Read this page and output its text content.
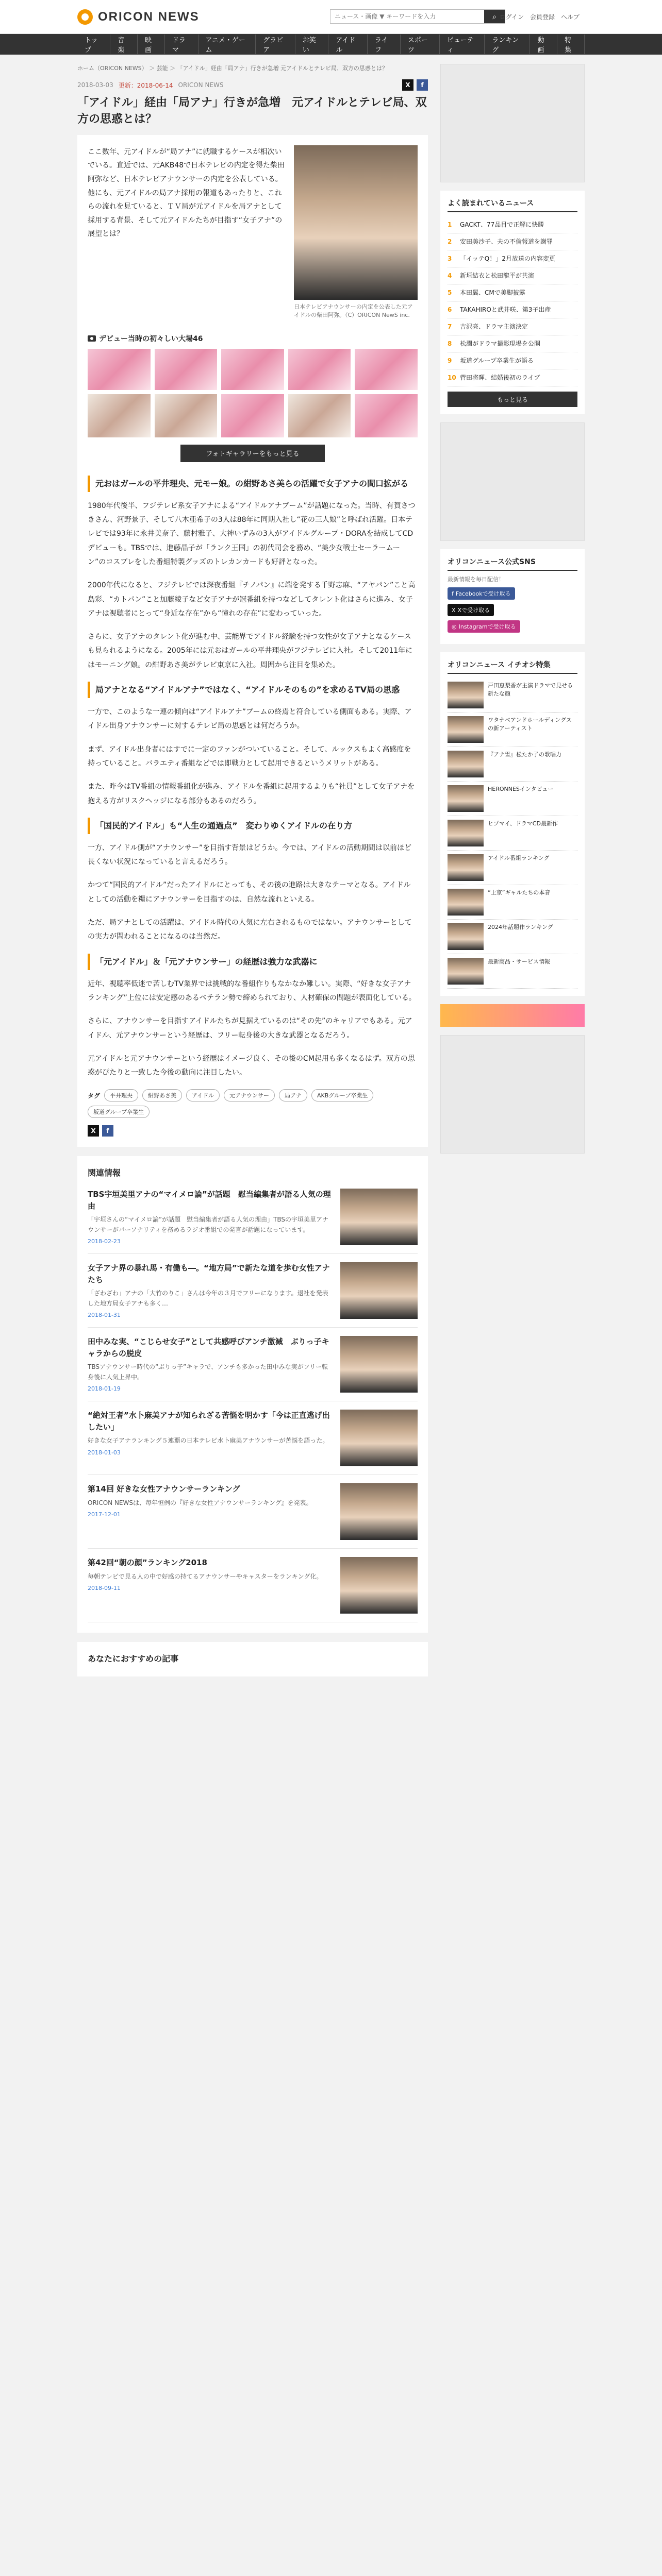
ORICON NEWS
ニュース・画像 ▼ キーワードを入力	⌕ ログイン 会員登録 ヘルプ
トップ
音楽
映画
ドラマ
アニメ・ゲーム
グラビア
お笑い
アイドル
ライフ
スポーツ
ビューティ
ランキング
動画
特集
ホーム（ORICON NEWS） ＞ 芸能 ＞ 「アイドル」経由「局アナ」行きが急増 元アイドルとテレビ局、双方の思惑とは？
2018-03-03 更新：2018-06-14 ORICON NEWS	X	f
「アイドル」経由「局アナ」行きが急増　元アイドルとテレビ局、双方の思惑とは？

ここ数年、元アイドルが“局アナ”に就職するケースが相次いでいる。直近では、元AKB48で日本テレビの内定を得た柴田阿弥など、日本テレビアナウンサーの内定を公表している。他にも、元アイドルの局アナ採用の報道もあったりと、これらの流れを見ていると、ＴＶ局が元アイドルを局アナとして採用する背景、そして元アイドルたちが目指す“女子アナ”の展望とは？

日本テレビアナウンサーの内定を公表した元アイドルの柴田阿弥。（C）ORICON NewS inc.
デビュー当時の初々しい大場46
フォトギャラリーをもっと見る
元おはガールの平井理央、元モー娘。の紺野あさ美らの活躍で女子アナの間口拡がる

1980年代後半、フジテレビ系女子アナによる“アイドルアナブーム”が話題になった。当時、有賀さつきさん、河野景子、そして八木亜希子の3人は88年に同期入社し“花の三人娘”と呼ばれ活躍。日本テレビでは93年に永井美奈子、藤村雅子、大神いずみの3人がアイドルグループ・DORAを結成してCDデビューも。TBSでは、進藤晶子が「ランク王国」の初代司会を務め、“美少女戦士セーラームーン”のコスプレをした番組特製グッズのトレカンカードも好評となった。

2000年代になると、フジテレビでは深夜番組『チノパン』に端を発する千野志麻、“アヤパン”こと高島彩、“カトパン”こと加藤綾子など女子アナが冠番組を持つなどしてタレント化はさらに進み、女子アナは視聴者にとって“身近な存在”から“憧れの存在”に変わっていった。

さらに、女子アナのタレント化が進む中、芸能界でアイドル経験を持つ女性が女子アナとなるケースも見られるようになる。2005年には元おはガールの平井理央がフジテレビに入社。そして2011年にはモーニング娘。の紺野あさ美がテレビ東京に入社。周囲から注目を集めた。

局アナとなる“アイドルアナ”ではなく、“アイドルそのもの”を求めるTV局の思惑

一方で、このような一連の傾向は“アイドルアナ”ブームの終焉と符合している側面もある。実際、アイドル出身アナウンサーに対するテレビ局の思惑とは何だろうか。

まず、アイドル出身者にはすでに一定のファンがついていること。そして、ルックスもよく高感度を持っていること。バラエティ番組などでは即戦力として起用できるというメリットがある。

また、昨今はTV番組の情報番組化が進み、アイドルを番組に起用するよりも“社員”として女子アナを抱える方がリスクヘッジになる部分もあるのだろう。

「国民的アイドル」も“人生の通過点”　変わりゆくアイドルの在り方

一方、アイドル側が“アナウンサー”を目指す背景はどうか。今では、アイドルの活動期間は以前ほど長くない状況になっていると言えるだろう。

かつて“国民的アイドル”だったアイドルにとっても、その後の進路は大きなテーマとなる。アイドルとしての活動を糧にアナウンサーを目指すのは、自然な流れといえる。

ただ、局アナとしての活躍は、アイドル時代の人気に左右されるものではない。アナウンサーとしての実力が問われることになるのは当然だ。

「元アイドル」＆「元アナウンサー」の経歴は強力な武器に

近年、視聴率低迷で苦しむTV業界では挑戦的な番組作りもなかなか難しい。実際、“好きな女子アナランキング”上位には安定感のあるベテラン勢で締められており、人材確保の問題が表面化している。

さらに、アナウンサーを目指すアイドルたちが見据えているのは“その先”のキャリアでもある。元アイドル、元アナウンサーという経歴は、フリー転身後の大きな武器となるだろう。

元アイドルと元アナウンサーという経歴はイメージ良く、その後のCM起用も多くなるはず。双方の思惑がぴたりと一致した今後の動向に注目したい。

タグ	平井理央	紺野あさ美	アイドル	元アナウンサー	局アナ	AKBグループ卒業生
坂道グループ卒業生
X	f
関連情報
TBS宇垣美里アナの“マイメロ論”が話題　慰当編集者が語る人気の理由

「宇垣さんの“マイメロ論”が話題　慰当編集者が語る人気の理由」TBSの宇垣美里アナウンサーがパーソナリティを務めるラジオ番組での発言が話題になっています。

2018-02-23
女子アナ界の暴れ馬・有働も―。“地方局”で新たな道を歩む女性アナたち

「ざわざわ」アナの「大竹のりこ」さんは今年の３月でフリーになります。退社を発表した地方局女子アナも多く…

2018-01-31
田中みな実、“こじらせ女子”として共感呼びアンチ激減　ぶりっ子キャラからの脱皮

TBSアナウンサー時代の“ぶりっ子”キャラで、アンチも多かった田中みな実がフリー転身後に人気上昇中。

2018-01-19
“絶対王者”水卜麻美アナが知られざる苦悩を明かす「今は正直逃げ出したい」

好きな女子アナランキング５連覇の日本テレビ水卜麻美アナウンサーが苦悩を語った。

2018-01-03
第14回 好きな女性アナウンサーランキング

ORICON NEWSは、毎年恒例の『好きな女性アナウンサーランキング』を発表。

2017-12-01
第42回“朝の顔”ランキング2018

毎朝テレビで見る人の中で好感の持てるアナウンサーやキャスターをランキング化。

2018-09-11
あなたにおすすめの記事
よく読まれているニュース
1	GACKT、77品目で正解に快勝
2	安田美沙子、夫の不倫報道を謝罪
3	「イッテQ！」2月放送の内容変更
4	新垣結衣と松田龍平が共演
5	本田翼、CMで美脚披露
6	TAKAHIROと武井咲、第3子出産
7	吉沢亮、ドラマ主演決定
8	松潤がドラマ撮影現場を公開
9	坂道グループ卒業生が語る
10 菅田将暉、結婚後初のライブ
もっと見る
オリコンニュース公式SNS
最新情報を毎日配信！
f Facebookで受け取る
X Xで受け取る
◎ Instagramで受け取る
オリコンニュース イチオシ特集
戸田恵梨香が主演ドラマで見せる新たな顔
ワタナベアンドホールディングスの新アーティスト
『アナ雪』松たか子の歌唱力
HERONNESインタビュー
ヒプマイ、ドラマCD最新作
アイドル番組ランキング
“上京”ギャルたちの本音
2024年話題作ランキング
最新商品・サービス情報
